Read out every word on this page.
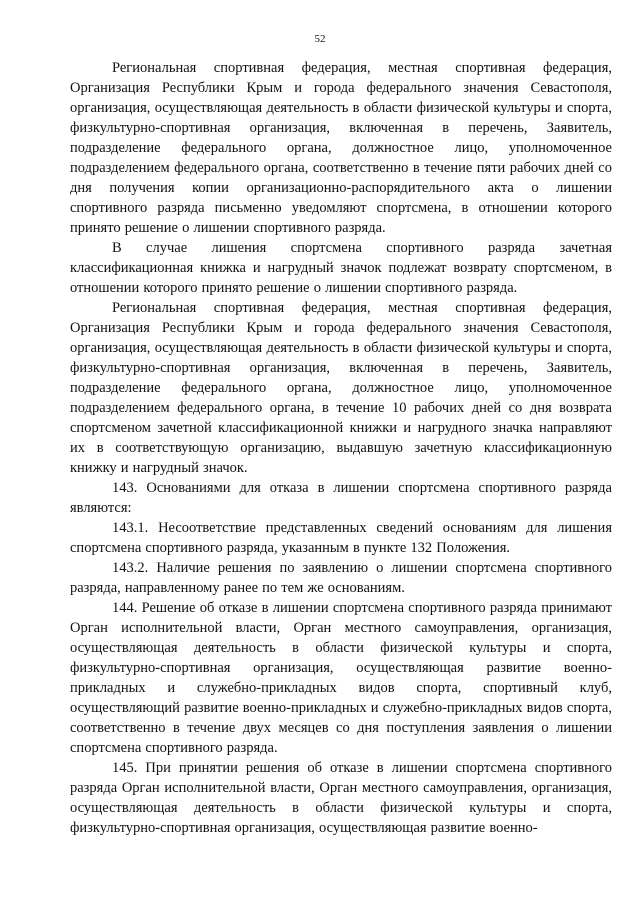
52

Региональная спортивная федерация, местная спортивная федерация, Организация Республики Крым и города федерального значения Севастополя, организация, осуществляющая деятельность в области физической культуры и спорта, физкультурно-спортивная организация, включенная в перечень, Заявитель, подразделение федерального органа, должностное лицо, уполномоченное подразделением федерального органа, соответственно в течение пяти рабочих дней со дня получения копии организационно-распорядительного акта о лишении спортивного разряда письменно уведомляют спортсмена, в отношении которого принято решение о лишении спортивного разряда.

В случае лишения спортсмена спортивного разряда зачетная классификационная книжка и нагрудный значок подлежат возврату спортсменом, в отношении которого принято решение о лишении спортивного разряда.

Региональная спортивная федерация, местная спортивная федерация, Организация Республики Крым и города федерального значения Севастополя, организация, осуществляющая деятельность в области физической культуры и спорта, физкультурно-спортивная организация, включенная в перечень, Заявитель, подразделение федерального органа, должностное лицо, уполномоченное подразделением федерального органа, в течение 10 рабочих дней со дня возврата спортсменом зачетной классификационной книжки и нагрудного значка направляют их в соответствующую организацию, выдавшую зачетную классификационную книжку и нагрудный значок.

143. Основаниями для отказа в лишении спортсмена спортивного разряда являются:

143.1. Несоответствие представленных сведений основаниям для лишения спортсмена спортивного разряда, указанным в пункте 132 Положения.

143.2. Наличие решения по заявлению о лишении спортсмена спортивного разряда, направленному ранее по тем же основаниям.

144. Решение об отказе в лишении спортсмена спортивного разряда принимают Орган исполнительной власти, Орган местного самоуправления, организация, осуществляющая деятельность в области физической культуры и спорта, физкультурно-спортивная организация, осуществляющая развитие военно-прикладных и служебно-прикладных видов спорта, спортивный клуб, осуществляющий развитие военно-прикладных и служебно-прикладных видов спорта, соответственно в течение двух месяцев со дня поступления заявления о лишении спортсмена спортивного разряда.

145. При принятии решения об отказе в лишении спортсмена спортивного разряда Орган исполнительной власти, Орган местного самоуправления, организация, осуществляющая деятельность в области физической культуры и спорта, физкультурно-спортивная организация, осуществляющая развитие военно-
